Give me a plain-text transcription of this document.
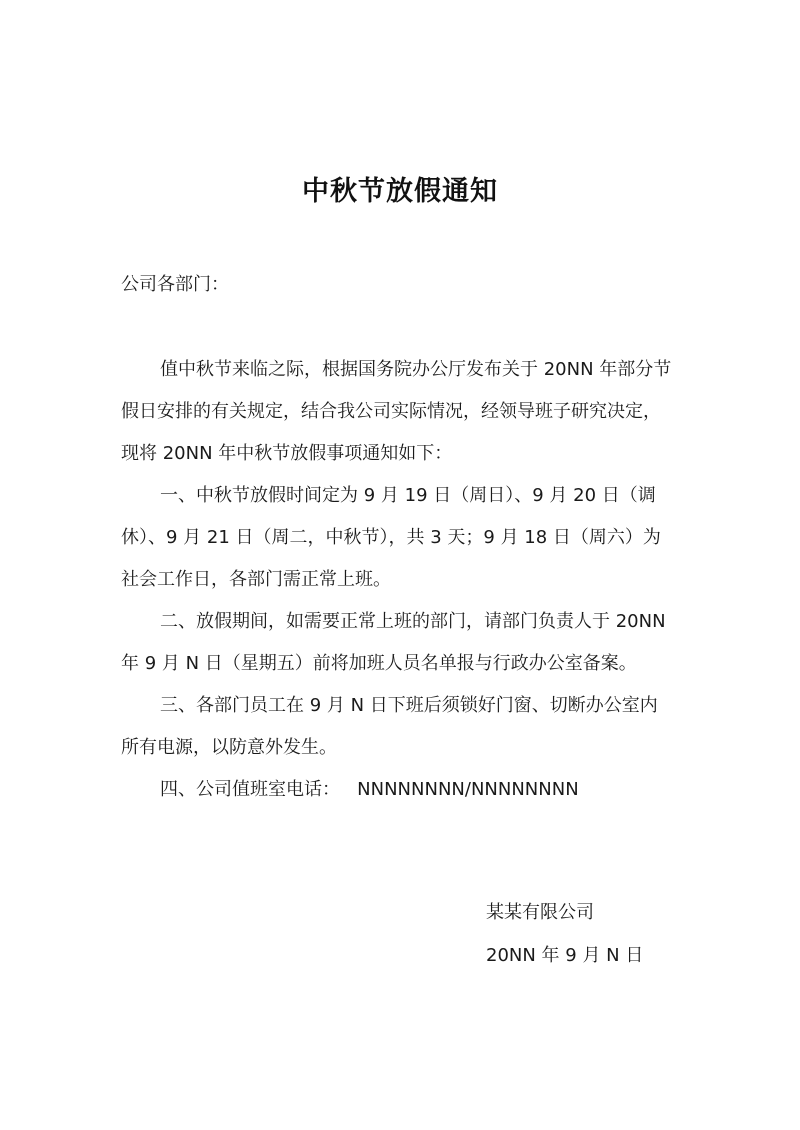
中秋节放假通知
公司各部门：
值中秋节来临之际，根据国务院办公厅发布关于 20NN 年部分节
假日安排的有关规定，结合我公司实际情况，经领导班子研究决定，
现将 20NN 年中秋节放假事项通知如下：
一、中秋节放假时间定为 9 月 19 日（周日）、9 月 20 日（调
休）、9 月 21 日（周二，中秋节），共 3 天；9 月 18 日（周六）为
社会工作日，各部门需正常上班。
二、放假期间，如需要正常上班的部门，请部门负责人于 20NN
年 9 月 N 日（星期五）前将加班人员名单报与行政办公室备案。
三、各部门员工在 9 月 N 日下班后须锁好门窗、切断办公室内
所有电源，以防意外发生。
四、公司值班室电话：   NNNNNNNN/NNNNNNNN
某某有限公司
20NN 年 9 月 N 日
